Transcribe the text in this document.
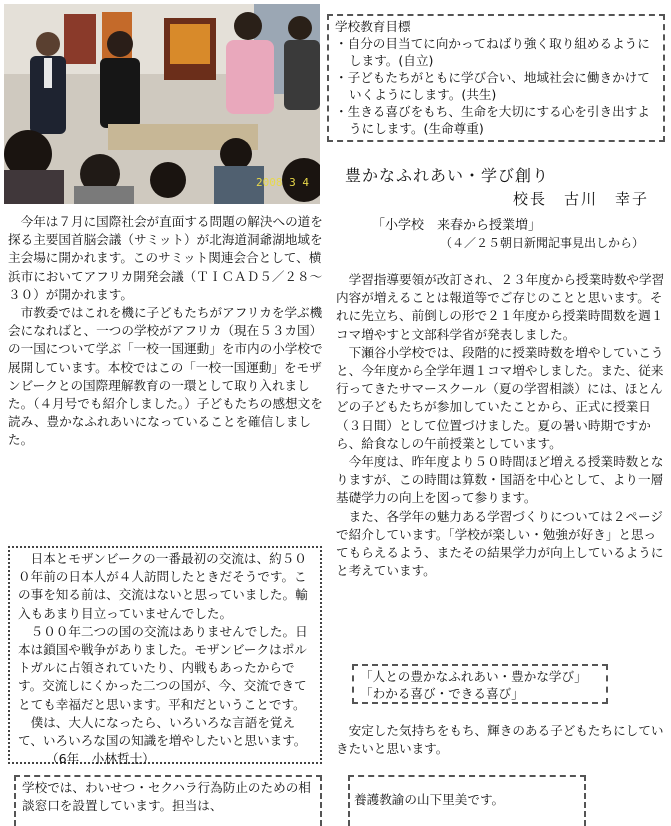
2008 3 4

学校教育目標

・自分の目当てに向かってねばり強く取り組めるようにします。(自立)

・子どもたちがともに学び合い、地域社会に働きかけていくようにします。(共生)

・生きる喜びをもち、生命を大切にする心を引き出すようにします。(生命尊重)

豊かなふれあい・学び創り
校長　古川　幸子
「小学校　来春から授業増」
（４／２５朝日新聞記事見出しから）

今年は７月に国際社会が直面する問題の解決への道を探る主要国首脳会議（サミット）が北海道洞爺湖地域を主会場に開かれます。このサミット関連会合として、横浜市においてアフリカ開発会議（ＴＩＣＡＤ５／２８～３０）が開かれます。

市教委ではこれを機に子どもたちがアフリカを学ぶ機会になればと、一つの学校がアフリカ（現在５３カ国）の一国について学ぶ「一校一国運動」を市内の小学校で展開しています。本校ではこの「一校一国運動」をモザンビークとの国際理解教育の一環として取り入れました。（４月号でも紹介しました。）子どもたちの感想文を読み、豊かなふれあいになっていることを確信しました。

日本とモザンビークの一番最初の交流は、約５００年前の日本人が４人訪問したときだそうです。この事を知る前は、交流はないと思っていました。輸入もあまり目立っていませんでした。

５００年二つの国の交流はありませんでした。日本は鎖国や戦争がありました。モザンビークはポルトガルに占領されていたり、内戦もあったからです。交流しにくかった二つの国が、今、交流できてとても幸福だと思います。平和だということです。

僕は、大人になったら、いろいろな言語を覚えて、いろいろな国の知識を増やしたいと思います。（6年　小林哲士）

学習指導要領が改訂され、２３年度から授業時数や学習内容が増えることは報道等でご存じのことと思います。それに先立ち、前倒しの形で２１年度から授業時間数を週１コマ増やすと文部科学省が発表しました。

下瀬谷小学校では、段階的に授業時数を増やしていこうと、今年度から全学年週１コマ増やしました。また、従来行ってきたサマースクール（夏の学習相談）には、ほとんどの子どもたちが参加していたことから、正式に授業日（３日間）として位置づけました。夏の暑い時期ですから、給食なしの午前授業としています。

今年度は、昨年度より５０時間ほど増える授業時数となりますが、この時間は算数・国語を中心として、より一層基礎学力の向上を図って参ります。

また、各学年の魅力ある学習づくりについては２ページで紹介しています。「学校が楽しい・勉強が好き」と思ってもらえるよう、またその結果学力が向上しているようにと考えています。

「人との豊かなふれあい・豊かな学び」
「わかる喜び・できる喜び」

安定した気持ちをもち、輝きのある子どもたちにしていきたいと思います。

学校では、わいせつ・セクハラ行為防止のための相談窓口を設置しています。担当は、	養護教諭の山下里美です。
